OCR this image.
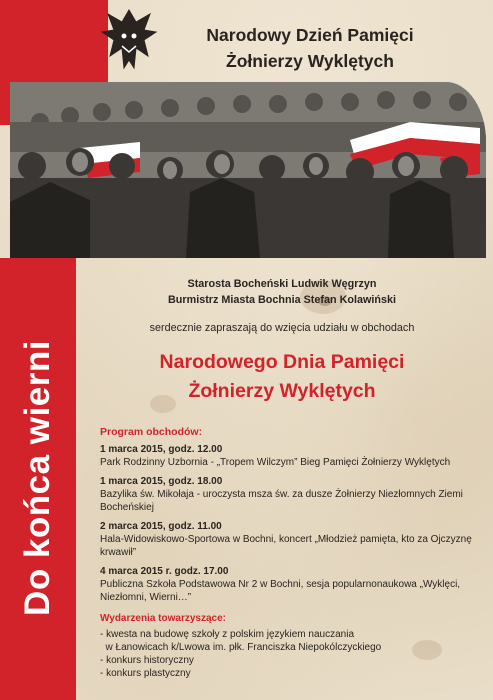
Narodowy Dzień Pamięci
Żołnierzy Wyklętych
Do końca wierni
Starosta Bocheński Ludwik Węgrzyn
Burmistrz Miasta Bochnia Stefan Kolawiński
serdecznie zapraszają do wzięcia udziału w obchodach
Narodowego Dnia Pamięci
Żołnierzy Wyklętych
Program obchodów:
1 marca 2015, godz. 12.00
Park Rodzinny Uzbornia - „Tropem Wilczym” Bieg Pamięci Żołnierzy Wyklętych
1 marca 2015, godz. 18.00
Bazylika św. Mikołaja - uroczysta msza św. za dusze Żołnierzy Niezłomnych Ziemi Bocheńskiej
2 marca 2015, godz. 11.00
Hala-Widowiskowo-Sportowa w Bochni, koncert „Młodzież pamięta, kto za Ojczyznę krwawił”
4 marca 2015 r. godz. 17.00
Publiczna Szkoła Podstawowa Nr 2 w Bochni, sesja popularnonaukowa „Wyklęci, Niezłomni, Wierni…”
Wydarzenia towarzyszące:
- kwesta na budowę szkoły z polskim językiem nauczania
w Łanowicach k/Lwowa im. płk. Franciszka Niepokólczyckiego
- konkurs historyczny
- konkurs plastyczny
